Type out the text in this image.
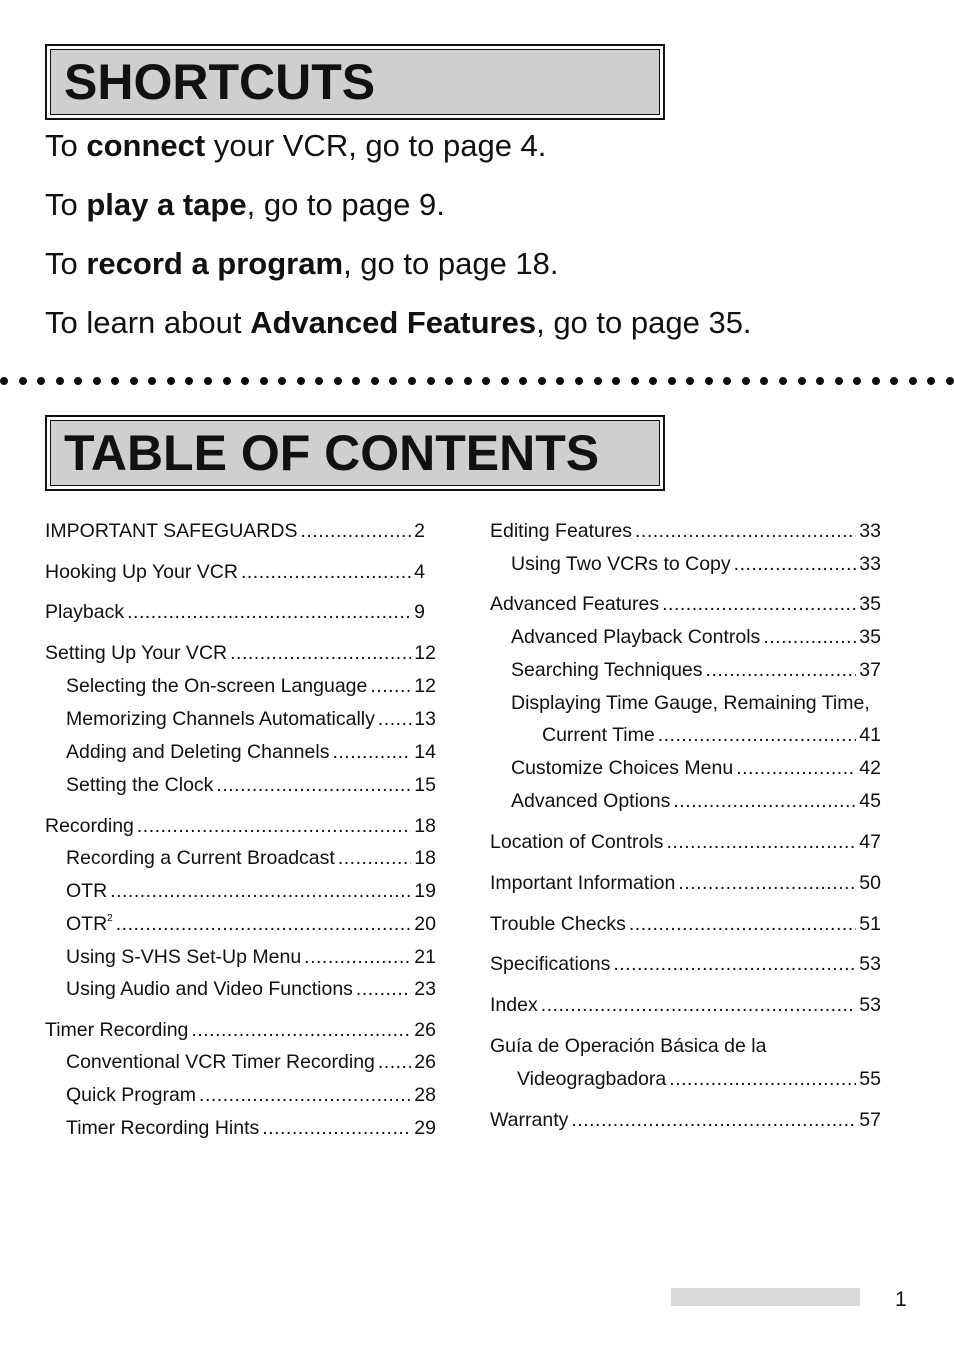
SHORTCUTS
To connect your VCR, go to page 4.
To play a tape, go to page 9.
To record a program, go to page 18.
To learn about Advanced Features, go to page 35.
TABLE OF CONTENTS
IMPORTANT SAFEGUARDS .....	2
Hooking Up Your VCR .....	4
Playback .....	9
Setting Up Your VCR .....	12
Selecting the On-screen Language ..... 12
Memorizing Channels Automatically ..... 13
Adding and Deleting Channels .....	14
Setting the Clock .....	15
Recording .....	18
Recording a Current Broadcast .....	18
OTR .....	19
OTR$^2$ .....	20
Using S-VHS Set-Up Menu .....	21
Using Audio and Video Functions .....	23
Timer Recording .....	26
Conventional VCR Timer Recording ..... 26
Quick Program .....	28
Timer Recording Hints .....	29
Editing Features .....	33
Using Two VCRs to Copy .....	33
Advanced Features .....	35
Advanced Playback Controls .....	35
Searching Techniques .....	37
Displaying Time Gauge, Remaining Time,
Current Time .....	41
Customize Choices Menu .....	42
Advanced Options .....	45
Location of Controls .....	47
Important Information .....	50
Trouble Checks .....	51
Specifications .....	53
Index .....	53
Guía de Operación Básica de la
Videogragbadora .....	55
Warranty .....	57
1
